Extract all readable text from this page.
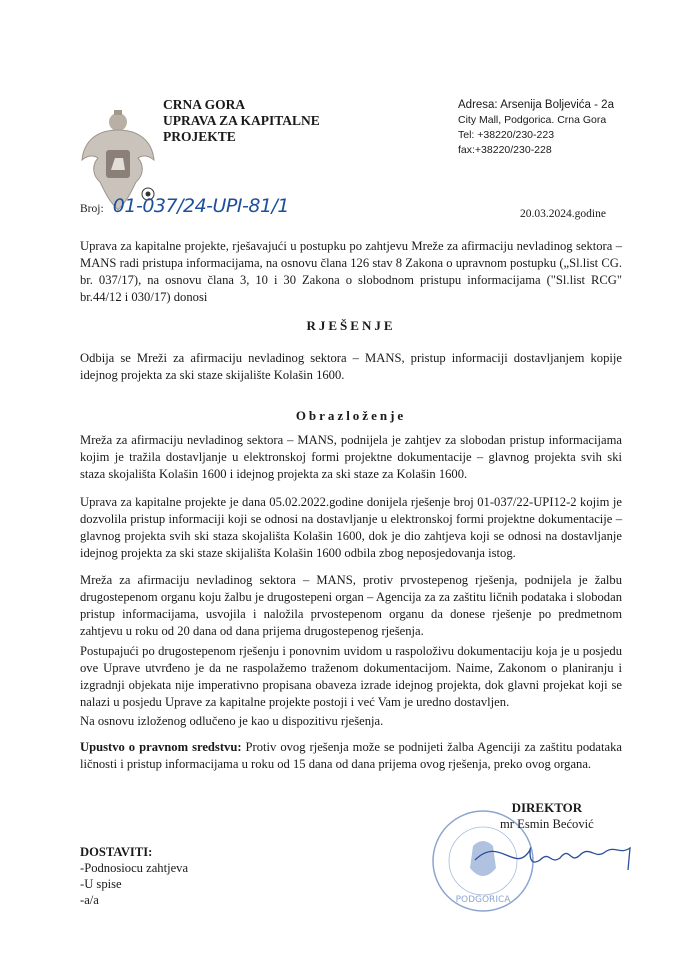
CRNA GORA
UPRAVA ZA KAPITALNE
PROJEKTE
Adresa: Arsenija Boljevića - 2a
City Mall, Podgorica. Crna Gora
Tel: +38220/230-223
fax:+38220/230-228
Broj: 01-037/24-UPI-81/1	20.03.2024.godine
Uprava za kapitalne projekte, rješavajući u postupku po zahtjevu Mreže za afirmaciju nevladinog sektora – MANS radi pristupa informacijama, na osnovu člana 126 stav 8 Zakona o upravnom postupku („Sl.list CG. br. 037/17), na osnovu člana 3, 10 i 30 Zakona o slobodnom pristupu informacijama ("Sl.list RCG" br.44/12 i 030/17) donosi
RJEŠENJE
Odbija se Mreži za afirmaciju nevladinog sektora – MANS, pristup informaciji dostavljanjem kopije idejnog projekta za ski staze skijalište Kolašin 1600.
Obrazloženje
Mreža za afirmaciju nevladinog sektora – MANS, podnijela je zahtjev za slobodan pristup informacijama kojim je tražila dostavljanje u elektronskoj formi projektne dokumentacije – glavnog projekta svih ski staza skojališta Kolašin 1600 i idejnog projekta za ski staze za Kolašin 1600.
Uprava za kapitalne projekte je dana 05.02.2022.godine donijela rješenje broj 01-037/22-UPI12-2 kojim je dozvolila pristup informaciji koji se odnosi na dostavljanje u elektronskoj formi projektne dokumentacije – glavnog projekta svih ski staza skojališta Kolašin 1600, dok je dio zahtjeva koji se odnosi na dostavljanje idejnog projekta za ski staze skijališta Kolašin 1600 odbila zbog neposjedovanja istog.
Mreža za afirmaciju nevladinog sektora – MANS, protiv prvostepenog rješenja, podnijela je žalbu drugostepenom organu koju žalbu je drugostepeni organ – Agencija za za zaštitu ličnih podataka i slobodan pristup informacijama, usvojila i naložila prvostepenom organu da donese rješenje po predmetnom zahtjevu u roku od 20 dana od dana prijema drugostepenog rješenja.
Postupajući po drugostepenom rješenju i ponovnim uvidom u raspoloživu dokumentaciju koja je u posjedu ove Uprave utvrđeno je da ne raspolažemo traženom dokumentacijom. Naime, Zakonom o planiranju i izgradnji objekata nije imperativno propisana obaveza izrade idejnog projekta, dok glavni projekat koji se nalazi u posjedu Uprave za kapitalne projekte postoji i već Vam je uredno dostavljen.
Na osnovu izloženog odlučeno je kao u dispozitivu rješenja.
Upustvo o pravnom sredstvu: Protiv ovog rješenja može se podnijeti žalba Agenciji za zaštitu podataka ličnosti i pristup informacijama u roku od 15 dana od dana prijema ovog rješenja, preko ovog organa.
PODGORICA
DIREKTOR
mr Esmin Bećović
DOSTAVITI:
-Podnosiocu zahtjeva
-U spise
-a/a
